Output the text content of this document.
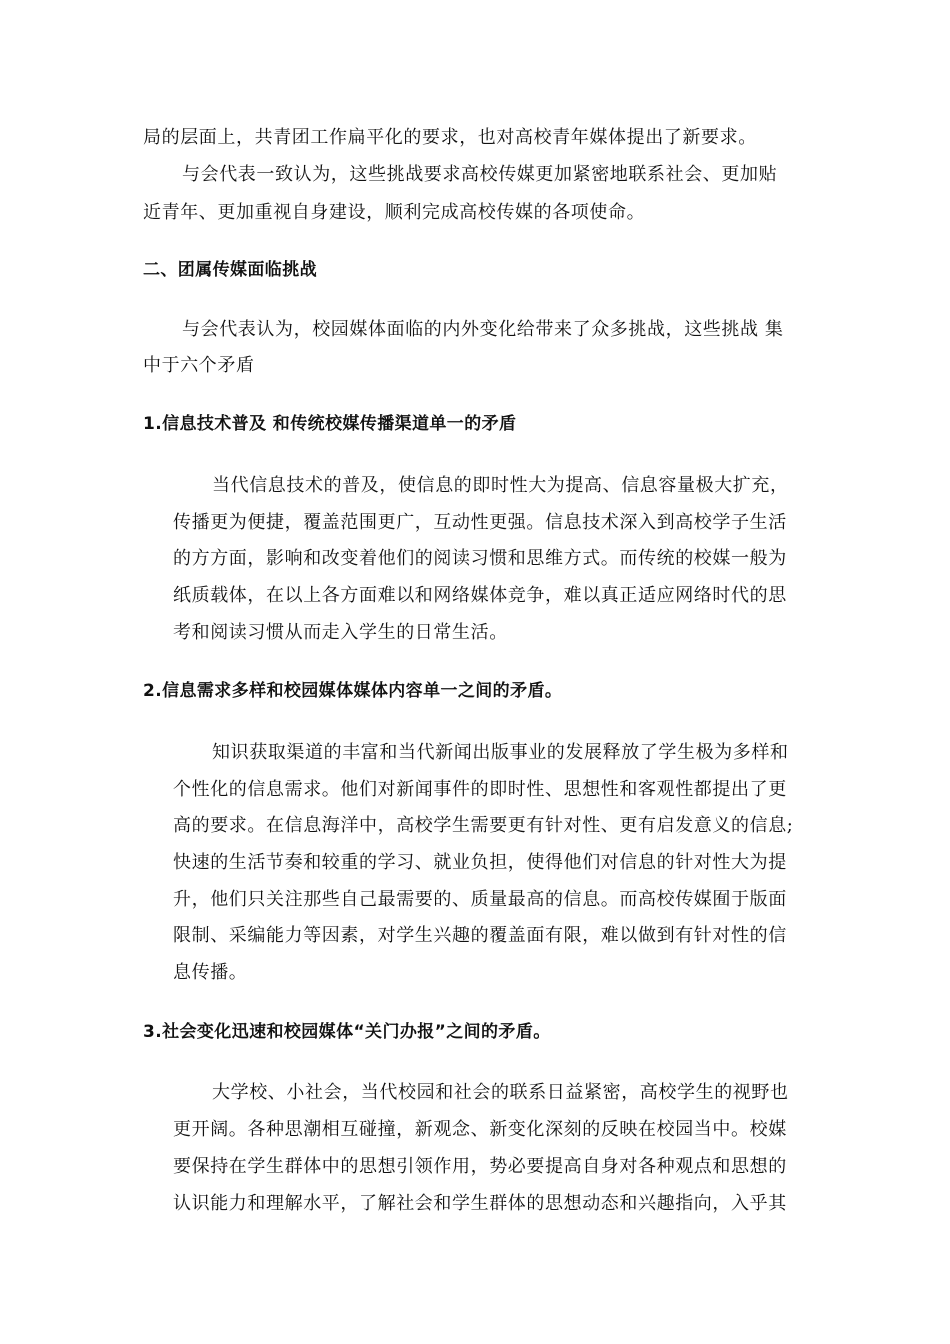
局的层面上，共青团工作扁平化的要求，也对高校青年媒体提出了新要求。
与会代表一致认为，这些挑战要求高校传媒更加紧密地联系社会、更加贴
近青年、更加重视自身建设，顺利完成高校传媒的各项使命。
二、团属传媒面临挑战
与会代表认为，校园媒体面临的内外变化给带来了众多挑战，这些挑战 集
中于六个矛盾
1.信息技术普及 和传统校媒传播渠道单一的矛盾
当代信息技术的普及，使信息的即时性大为提高、信息容量极大扩充，
传播更为便捷，覆盖范围更广，互动性更强。信息技术深入到高校学子生活
的方方面，影响和改变着他们的阅读习惯和思维方式。而传统的校媒一般为
纸质载体，在以上各方面难以和网络媒体竞争，难以真正适应网络时代的思
考和阅读习惯从而走入学生的日常生活。
2.信息需求多样和校园媒体媒体内容单一之间的矛盾。
知识获取渠道的丰富和当代新闻出版事业的发展释放了学生极为多样和
个性化的信息需求。他们对新闻事件的即时性、思想性和客观性都提出了更
高的要求。在信息海洋中，高校学生需要更有针对性、更有启发意义的信息;
快速的生活节奏和较重的学习、就业负担，使得他们对信息的针对性大为提
升，他们只关注那些自己最需要的、质量最高的信息。而高校传媒囿于版面
限制、采编能力等因素，对学生兴趣的覆盖面有限，难以做到有针对性的信
息传播。
3.社会变化迅速和校园媒体“关门办报”之间的矛盾。
大学校、小社会，当代校园和社会的联系日益紧密，高校学生的视野也
更开阔。各种思潮相互碰撞，新观念、新变化深刻的反映在校园当中。校媒
要保持在学生群体中的思想引领作用，势必要提高自身对各种观点和思想的
认识能力和理解水平，了解社会和学生群体的思想动态和兴趣指向，入乎其
